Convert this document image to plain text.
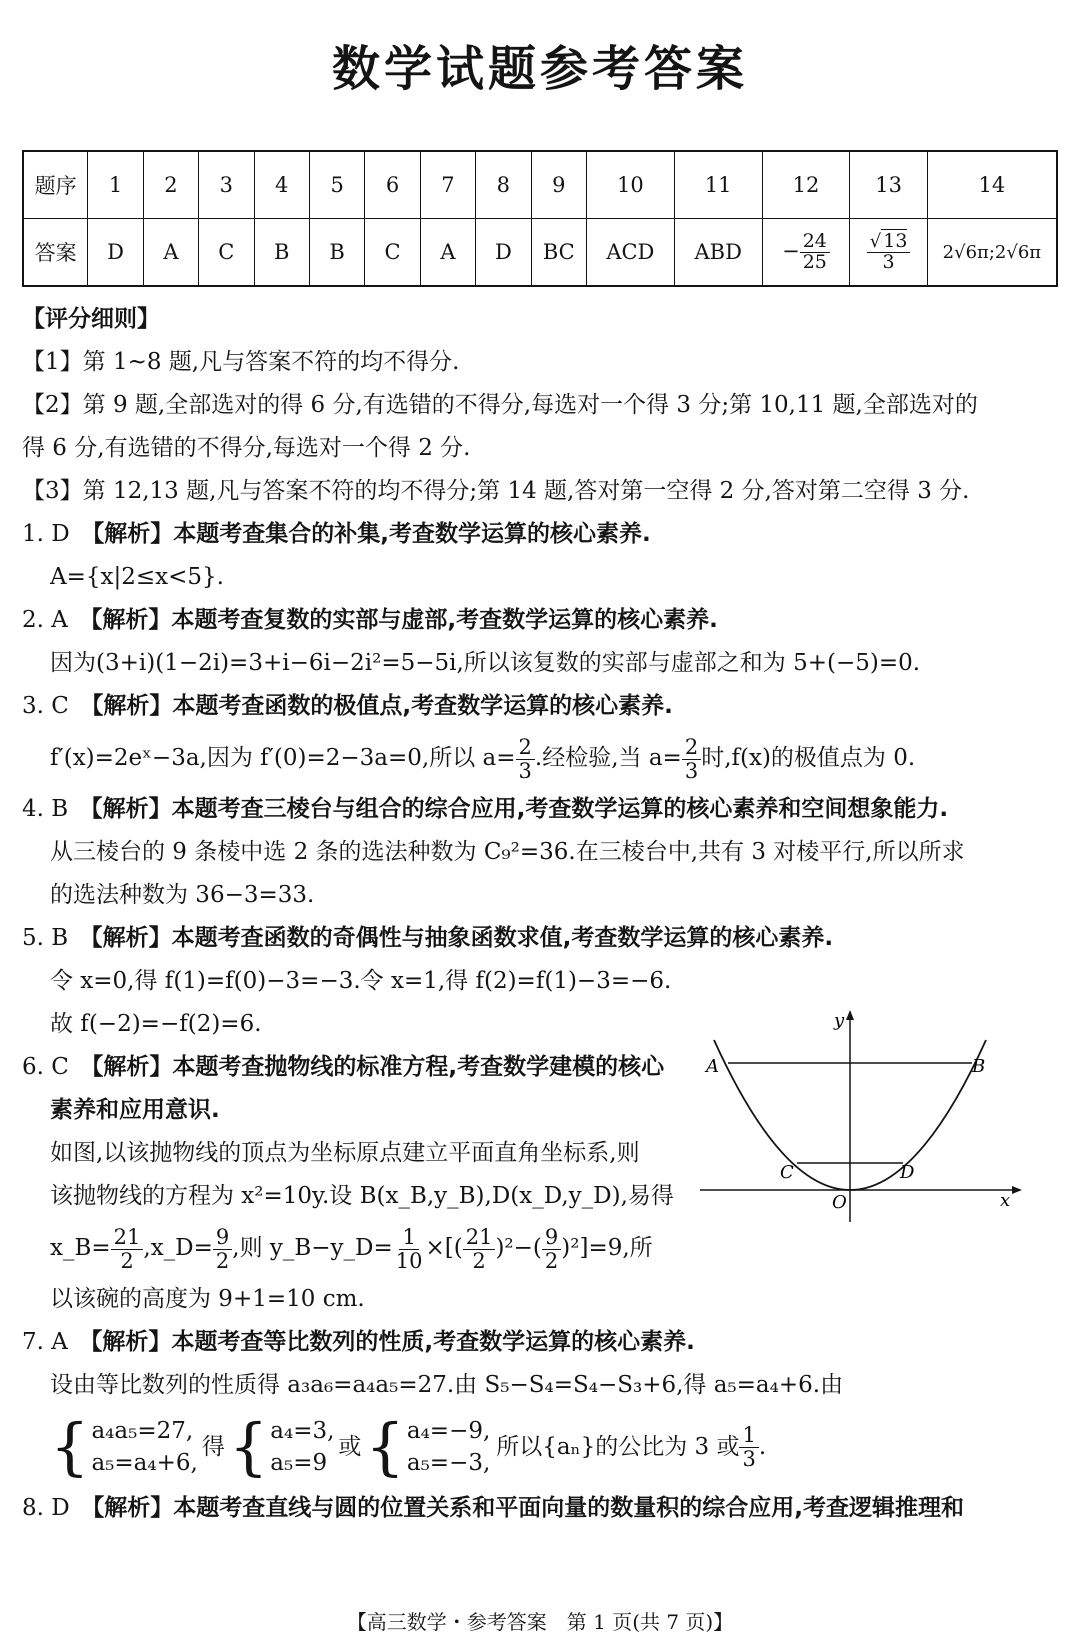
数学试题参考答案
题序	1	2	3	4	5	6	7	8	9	10	11	12	13	14
答案	D	A	C	B	B	C	A	D	BC	ACD	ABD	− $\frac{24}{25}$	$\frac{√ 13}{3}$	2√6π;2√6π
【评分细则】
【1】第 1~8 题,凡与答案不符的均不得分.
【2】第 9 题,全部选对的得 6 分,有选错的不得分,每选对一个得 3 分;第 10,11 题,全部选对的
得 6 分,有选错的不得分,每选对一个得 2 分.
【3】第 12,13 题,凡与答案不符的均不得分;第 14 题,答对第一空得 2 分,答对第二空得 3 分.
1. D　 【解析】本题考查集合的补集,考查数学运算的核心素养.
A={x|2≤x<5}.
2. A　 【解析】本题考查复数的实部与虚部,考查数学运算的核心素养.
因为(3+i)(1−2i)=3+i−6i−2i²=5−5i,所以该复数的实部与虚部之和为 5+(−5)=0.
3. C　 【解析】本题考查函数的极值点,考查数学运算的核心素养.
f′(x)=2eˣ−3a,因为 f′(0)=2−3a=0,所以 $a= \frac{2}{3}$ .经检验,当 $a= \frac{2}{3}$ 时,f(x)的极值点为 0.
4. B　 【解析】本题考查三棱台与组合的综合应用,考查数学运算的核心素养和空间想象能力.
从三棱台的 9 条棱中选 2 条的选法种数为 C₉²=36.在三棱台中,共有 3 对棱平行,所以所求
的选法种数为 36−3=33.
5. B　 【解析】本题考查函数的奇偶性与抽象函数求值,考查数学运算的核心素养.
令 x=0,得 f(1)=f(0)−3=−3.令 x=1,得 f(2)=f(1)−3=−6.
故 f(−2)=−f(2)=6.
6. C　 【解析】本题考查抛物线的标准方程,考查数学建模的核心
素养和应用意识.
如图,以该抛物线的顶点为坐标原点建立平面直角坐标系,则
该抛物线的方程为 x²=10y.设 B(x_B,y_B),D(x_D,y_D),易得
x_B= $\frac{21}{2}$ ,x_D= $\frac{9}{2}$ ,则 y_B−y_D= $\frac{1}{10}$ ×[( $\frac{21}{2} )^2-( \frac{9}{2} )^2]=9$,所
以该碗的高度为 9+1=10 cm.
7. A　 【解析】本题考查等比数列的性质,考查数学运算的核心素养.
设由等比数列的性质得 a₃a₆=a₄a₅=27.由 S₅−S₄=S₄−S₃+6,得 a₅=a₄+6.由
{ a₄a₅=27,
a₅=a₄+6,
得 { a₄=3,
a₅=9
或 { a₄=−9,
a₅=−3,
所以{aₙ}的公比为 3 或 $\frac{1}{3}$ .
8. D　 【解析】本题考查直线与圆的位置关系和平面向量的数量积的综合应用,考查逻辑推理和
y
x
A	B
C	D
O
【高三数学・参考答案　第 1 页(共 7 页)】
